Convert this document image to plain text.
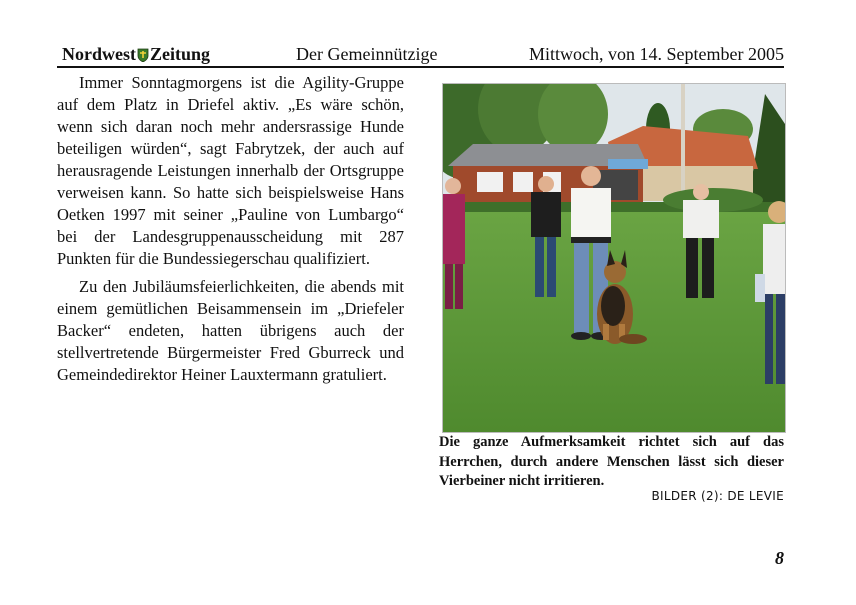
Nordwest Zeitung	Der Gemeinnützige	Mittwoch, von 14. September 2005

Immer Sonntagmorgens ist die Agility-Gruppe auf dem Platz in Driefel aktiv. „Es wäre schön, wenn sich daran noch mehr andersrassige Hunde beteiligen würden“, sagt Fabrytzek, der auch auf herausragende Leistungen innerhalb der Ortsgruppe verweisen kann. So hatte sich beispielsweise Hans Oetken 1997 mit seiner „Pauline von Lumbargo“ bei der Landesgruppenausscheidung mit 287 Punkten für die Bundessiegerschau qualifiziert.

Zu den Jubiläumsfeierlichkeiten, die abends mit einem gemütlichen Beisammensein im „Driefeler Backer“ endeten, hatten übrigens auch der stellvertretende Bürgermeister Fred Gburreck und Gemeindedirektor Heiner Lauxtermann gratuliert.

Die ganze Aufmerksamkeit richtet sich auf das Herrchen, durch andere Menschen lässt sich dieser Vierbeiner nicht irritieren.
BILDER (2): DE LEVIE
8
